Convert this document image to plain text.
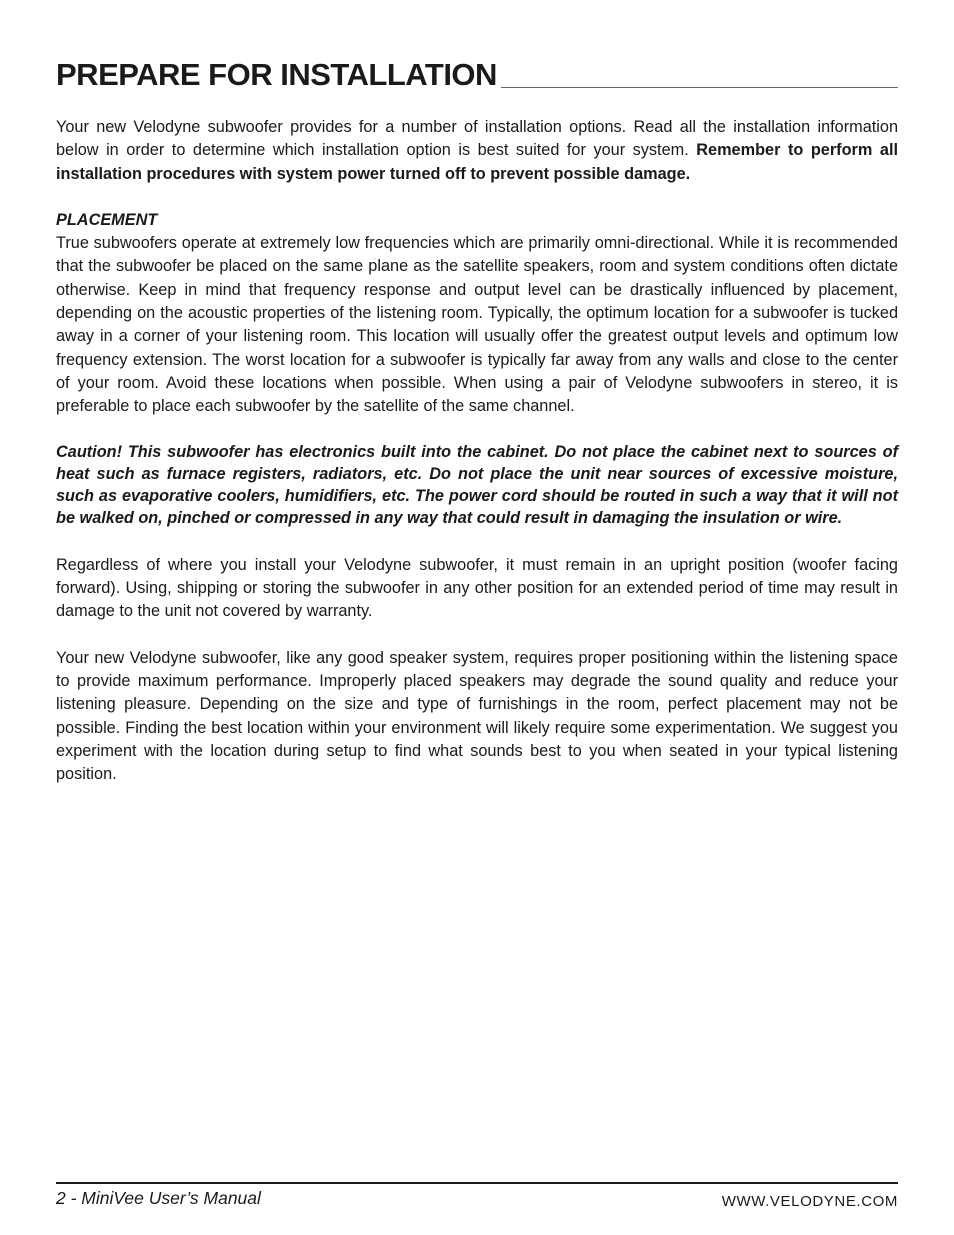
PREPARE FOR INSTALLATION

Your new Velodyne subwoofer provides for a number of installation options. Read all the installation information below in order to determine which installation option is best suited for your system. Remember to perform all installation procedures with system power turned off to prevent possible damage.

PLACEMENT

True subwoofers operate at extremely low frequencies which are primarily omni-directional. While it is recommended that the subwoofer be placed on the same plane as the satellite speakers, room and system conditions often dictate otherwise. Keep in mind that frequency response and output level can be drastically influenced by placement, depending on the acoustic properties of the listening room. Typically, the optimum location for a subwoofer is tucked away in a corner of your listening room. This location will usually offer the greatest output levels and optimum low frequency extension. The worst location for a subwoofer is typically far away from any walls and close to the center of your room. Avoid these locations when possible. When using a pair of Velodyne subwoofers in stereo, it is preferable to place each subwoofer by the satellite of the same channel.

Caution! This subwoofer has electronics built into the cabinet. Do not place the cabinet next to sources of heat such as furnace registers, radiators, etc. Do not place the unit near sources of excessive moisture, such as evaporative coolers, humidifiers, etc. The power cord should be routed in such a way that it will not be walked on, pinched or compressed in any way that could result in damaging the insulation or wire.

Regardless of where you install your Velodyne subwoofer, it must remain in an upright position (woofer facing forward). Using, shipping or storing the subwoofer in any other position for an extended period of time may result in damage to the unit not covered by warranty.

Your new Velodyne subwoofer, like any good speaker system, requires proper positioning within the listening space to provide maximum performance. Improperly placed speakers may degrade the sound quality and reduce your listening pleasure. Depending on the size and type of furnishings in the room, perfect placement may not be possible. Finding the best location within your environment will likely require some experimentation. We suggest you experiment with the location during setup to find what sounds best to you when seated in your typical listening position.

2 - MiniVee User’s Manual	WWW.VELODYNE.COM
